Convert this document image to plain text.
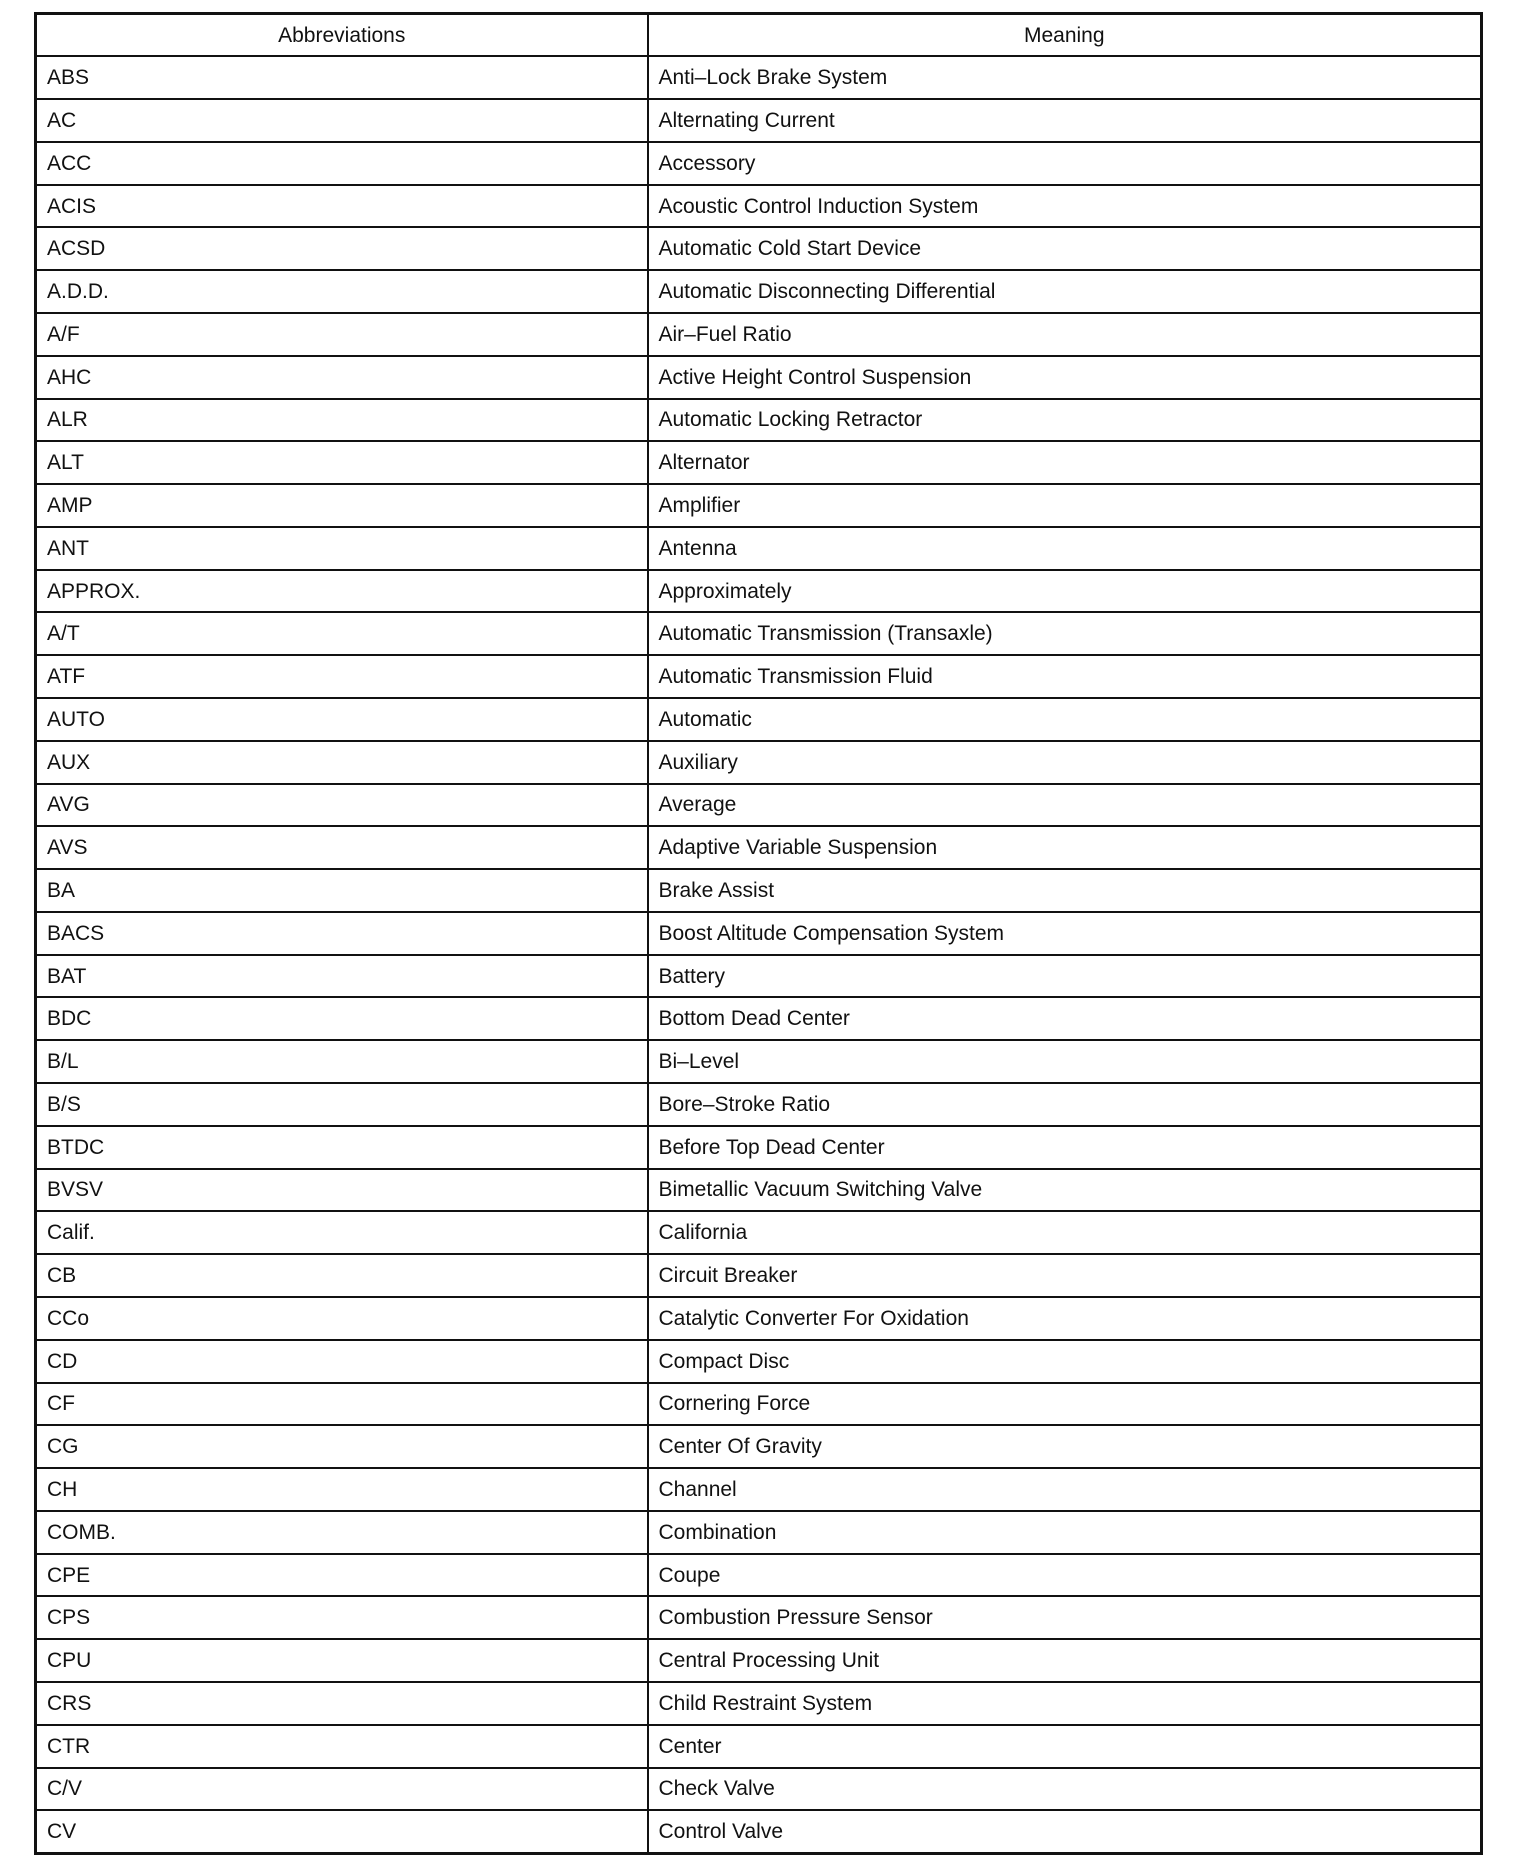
Abbreviations	Meaning
ABS	Anti–Lock Brake System
AC	Alternating Current
ACC	Accessory
ACIS	Acoustic Control Induction System
ACSD	Automatic Cold Start Device
A.D.D.	Automatic Disconnecting Differential
A/F	Air–Fuel Ratio
AHC	Active Height Control Suspension
ALR	Automatic Locking Retractor
ALT	Alternator
AMP	Amplifier
ANT	Antenna
APPROX.	Approximately
A/T	Automatic Transmission (Transaxle)
ATF	Automatic Transmission Fluid
AUTO	Automatic
AUX	Auxiliary
AVG	Average
AVS	Adaptive Variable Suspension
BA	Brake Assist
BACS	Boost Altitude Compensation System
BAT	Battery
BDC	Bottom Dead Center
B/L	Bi–Level
B/S	Bore–Stroke Ratio
BTDC	Before Top Dead Center
BVSV	Bimetallic Vacuum Switching Valve
Calif.	California
CB	Circuit Breaker
CCo	Catalytic Converter For Oxidation
CD	Compact Disc
CF	Cornering Force
CG	Center Of Gravity
CH	Channel
COMB.	Combination
CPE	Coupe
CPS	Combustion Pressure Sensor
CPU	Central Processing Unit
CRS	Child Restraint System
CTR	Center
C/V	Check Valve
CV	Control Valve
